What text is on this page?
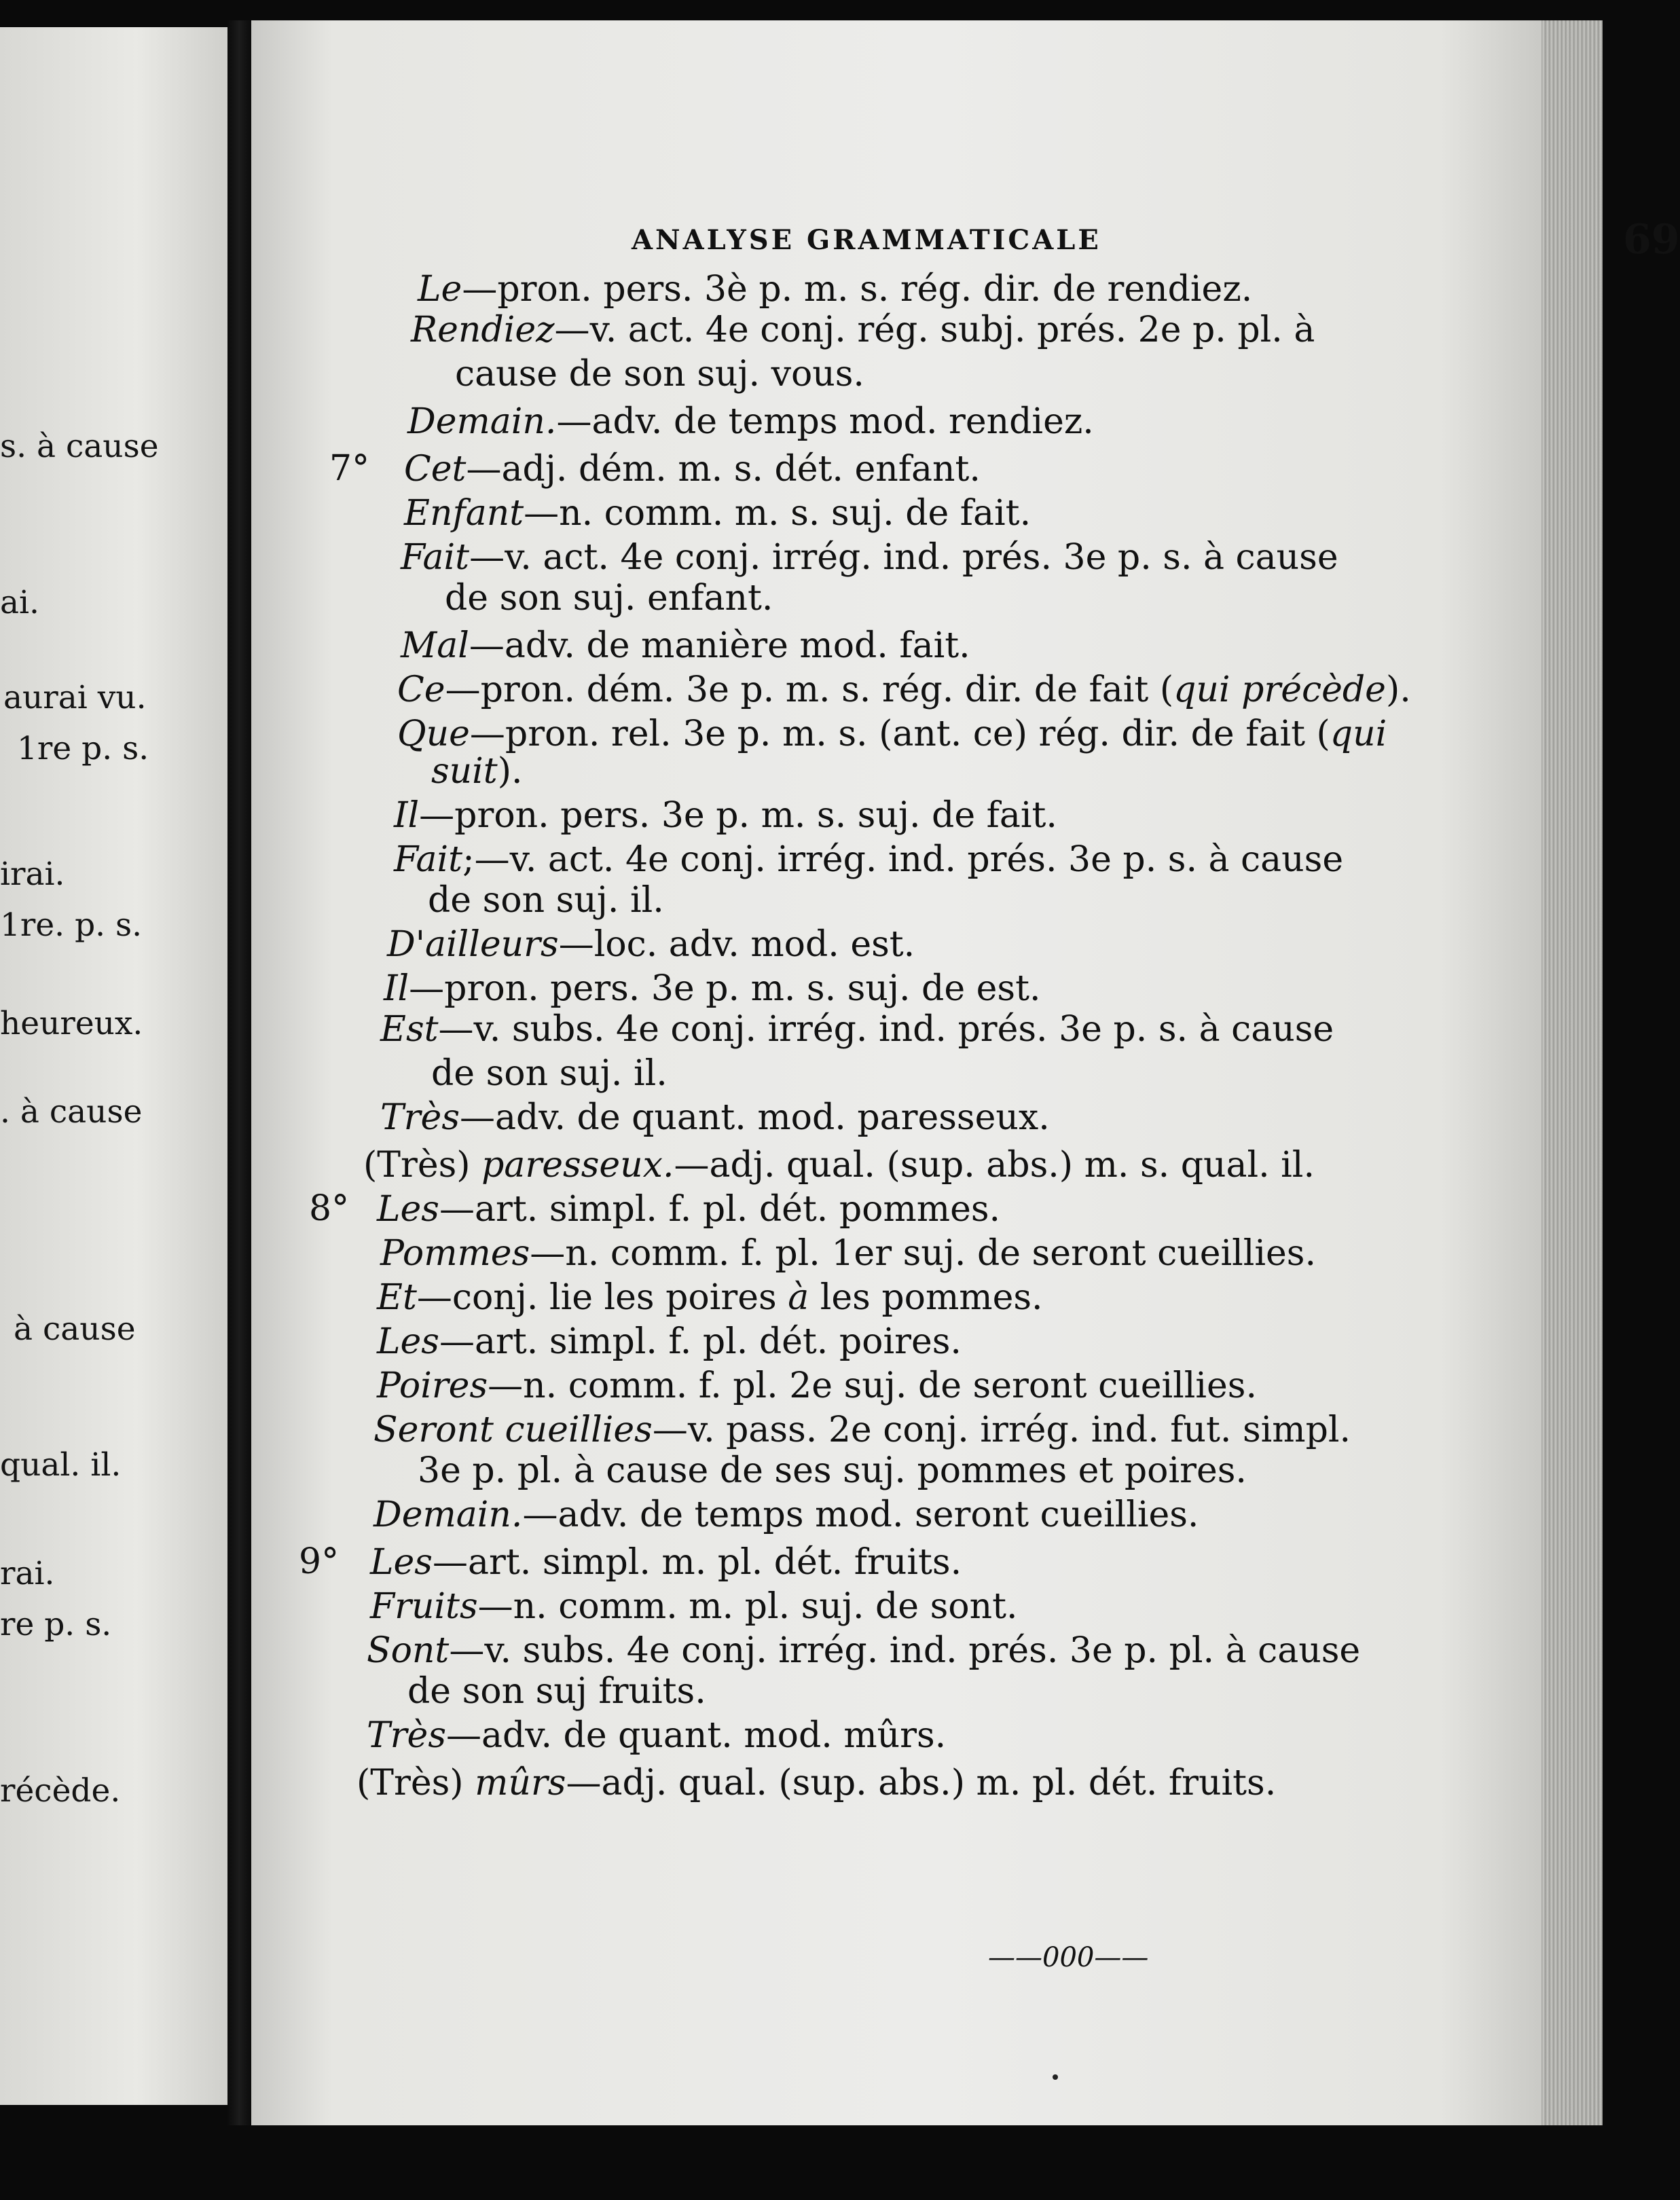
s. à cause
ai.
aurai vu.
1re p. s.
irai.
1re. p. s.
heureux.
. à cause
à cause
qual. il.
rai.
re p. s.
récède.
ANALYSE GRAMMATICALE	69
——000——
Le—pron. pers. 3è p. m. s. rég. dir. de rendiez.
Rendiez—v. act. 4e conj. rég. subj. prés. 2e p. pl. à
cause de son suj. vous.
Demain.—adv. de temps mod. rendiez.
7° Cet—adj. dém. m. s. dét. enfant.
Enfant—n. comm. m. s. suj. de fait.
Fait—v. act. 4e conj. irrég. ind. prés. 3e p. s. à cause
de son suj. enfant.
Mal—adv. de manière mod. fait.
Ce—pron. dém. 3e p. m. s. rég. dir. de fait (qui précède).
Que—pron. rel. 3e p. m. s. (ant. ce) rég. dir. de fait (qui
suit).
Il—pron. pers. 3e p. m. s. suj. de fait.
Fait;—v. act. 4e conj. irrég. ind. prés. 3e p. s. à cause
de son suj. il.
D'ailleurs—loc. adv. mod. est.
Il—pron. pers. 3e p. m. s. suj. de est.
Est—v. subs. 4e conj. irrég. ind. prés. 3e p. s. à cause
de son suj. il.
Très—adv. de quant. mod. paresseux.
(Très) paresseux.—adj. qual. (sup. abs.) m. s. qual. il.
8° Les—art. simpl. f. pl. dét. pommes.
Pommes—n. comm. f. pl. 1er suj. de seront cueillies.
Et—conj. lie les poires à les pommes.
Les—art. simpl. f. pl. dét. poires.
Poires—n. comm. f. pl. 2e suj. de seront cueillies.
Seront cueillies—v. pass. 2e conj. irrég. ind. fut. simpl.
3e p. pl. à cause de ses suj. pommes et poires.
Demain.—adv. de temps mod. seront cueillies.
9° Les—art. simpl. m. pl. dét. fruits.
Fruits—n. comm. m. pl. suj. de sont.
Sont—v. subs. 4e conj. irrég. ind. prés. 3e p. pl. à cause
de son suj fruits.
Très—adv. de quant. mod. mûrs.
(Très) mûrs—adj. qual. (sup. abs.) m. pl. dét. fruits.
